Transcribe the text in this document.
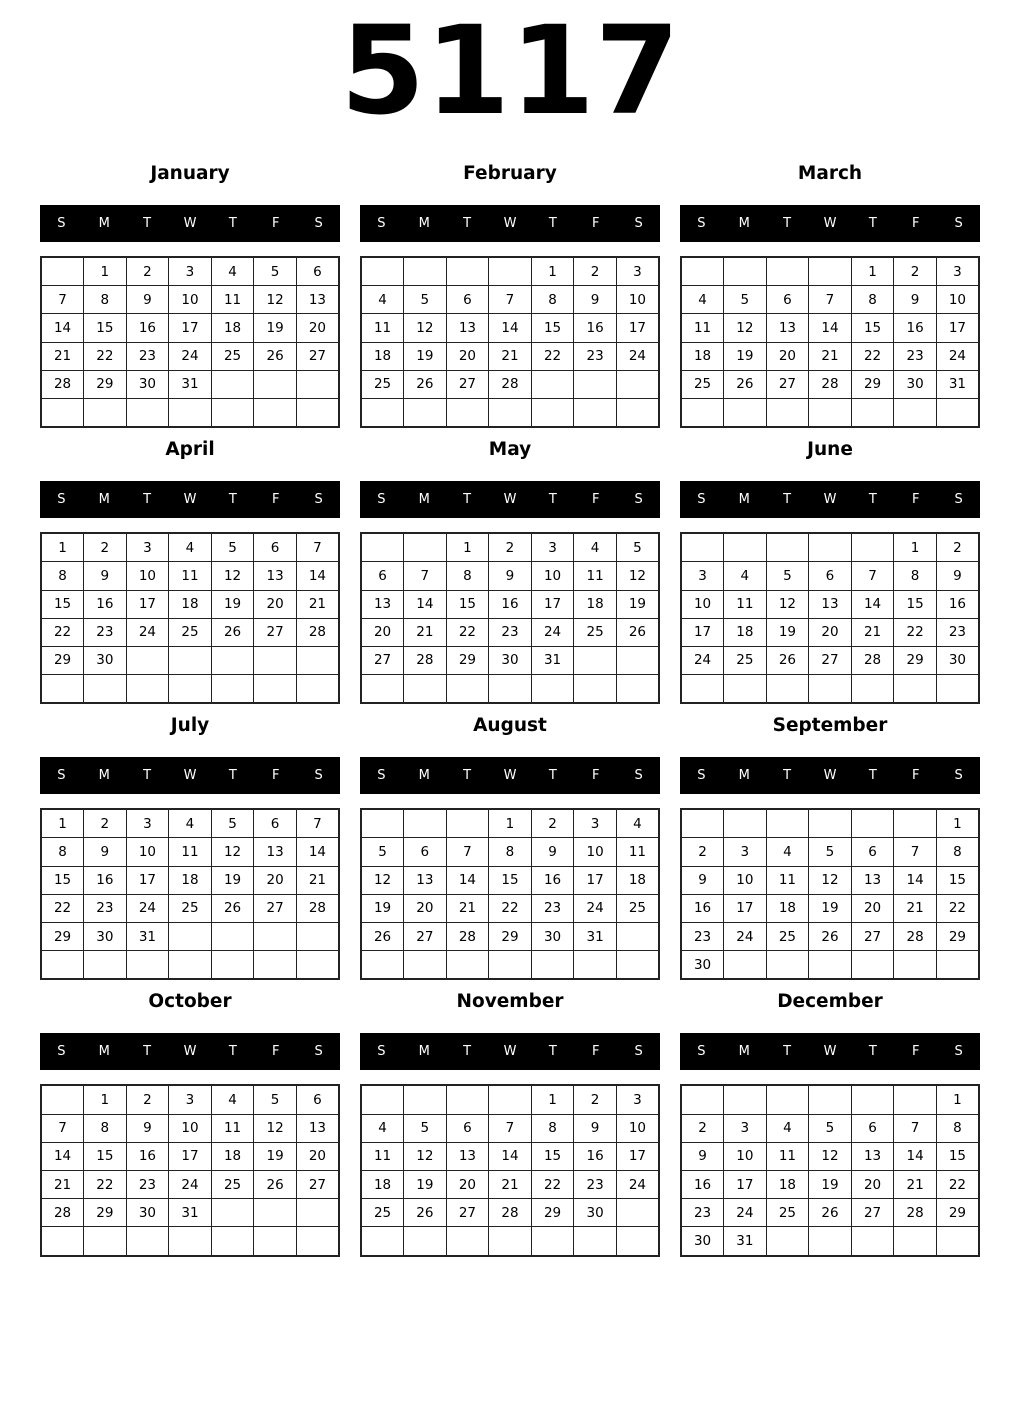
5117
January
S	M	T	W	T	F	S
	1	2	3	4	5	6
7	8	9	10	11	12	13
14	15	16	17	18	19	20
21	22	23	24	25	26	27
28	29	30	31			

February
S	M	T	W	T	F	S
				1	2	3
4	5	6	7	8	9	10
11	12	13	14	15	16	17
18	19	20	21	22	23	24
25	26	27	28			

March
S	M	T	W	T	F	S
				1	2	3
4	5	6	7	8	9	10
11	12	13	14	15	16	17
18	19	20	21	22	23	24
25	26	27	28	29	30	31

April
S	M	T	W	T	F	S
1	2	3	4	5	6	7
8	9	10	11	12	13	14
15	16	17	18	19	20	21
22	23	24	25	26	27	28
29	30					

May
S	M	T	W	T	F	S
		1	2	3	4	5
6	7	8	9	10	11	12
13	14	15	16	17	18	19
20	21	22	23	24	25	26
27	28	29	30	31		

June
S	M	T	W	T	F	S
					1	2
3	4	5	6	7	8	9
10	11	12	13	14	15	16
17	18	19	20	21	22	23
24	25	26	27	28	29	30

July
S	M	T	W	T	F	S
1	2	3	4	5	6	7
8	9	10	11	12	13	14
15	16	17	18	19	20	21
22	23	24	25	26	27	28
29	30	31				

August
S	M	T	W	T	F	S
			1	2	3	4
5	6	7	8	9	10	11
12	13	14	15	16	17	18
19	20	21	22	23	24	25
26	27	28	29	30	31	

September
S	M	T	W	T	F	S
						1
2	3	4	5	6	7	8
9	10	11	12	13	14	15
16	17	18	19	20	21	22
23	24	25	26	27	28	29
30						
October
S	M	T	W	T	F	S
	1	2	3	4	5	6
7	8	9	10	11	12	13
14	15	16	17	18	19	20
21	22	23	24	25	26	27
28	29	30	31			

November
S	M	T	W	T	F	S
				1	2	3
4	5	6	7	8	9	10
11	12	13	14	15	16	17
18	19	20	21	22	23	24
25	26	27	28	29	30	

December
S	M	T	W	T	F	S
						1
2	3	4	5	6	7	8
9	10	11	12	13	14	15
16	17	18	19	20	21	22
23	24	25	26	27	28	29
30	31					
